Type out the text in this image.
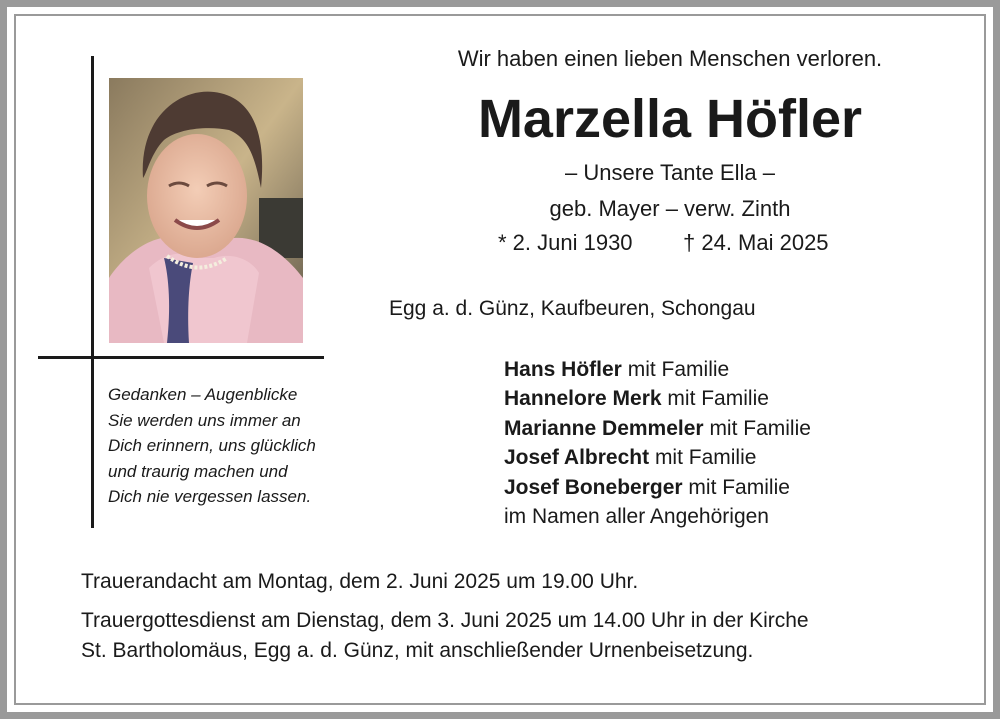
Gedanken – Augenblicke
Sie werden uns immer an
Dich erinnern, uns glücklich
und traurig machen und
Dich nie vergessen lassen.
Wir haben einen lieben Menschen verloren.
Marzella Höfler
– Unsere Tante Ella –
geb. Mayer – verw. Zinth
* 2. Juni 1930 † 24. Mai 2025
Egg a. d. Günz, Kaufbeuren, Schongau
Hans Höfler mit Familie
Hannelore Merk mit Familie
Marianne Demmeler mit Familie
Josef Albrecht mit Familie
Josef Boneberger mit Familie
im Namen aller Angehörigen
Trauerandacht am Montag, dem 2. Juni 2025 um 19.00 Uhr.
Trauergottesdienst am Dienstag, dem 3. Juni 2025 um 14.00 Uhr in der Kirche
St. Bartholomäus, Egg a. d. Günz, mit anschließender Urnenbeisetzung.
